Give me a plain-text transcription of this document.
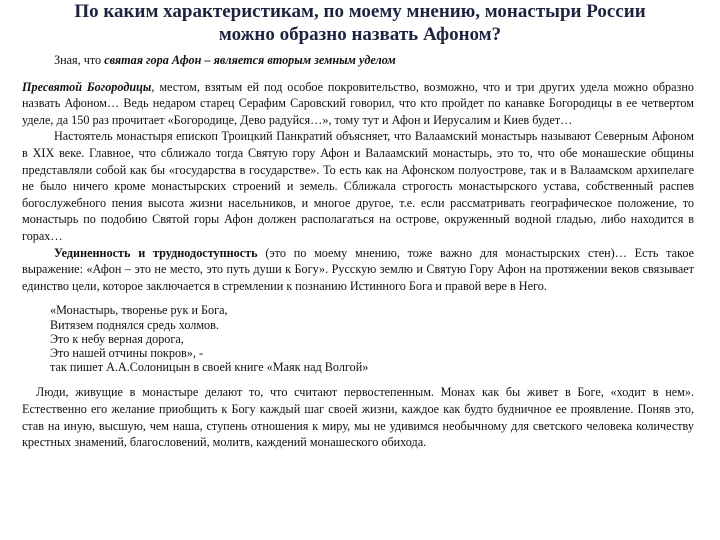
По каким характеристикам, по моему мнению, монастыри России
можно образно назвать Афоном?

Зная, что святая гора Афон – является вторым земным уделом
Пресвятой Богородицы, местом, взятым ей под особое покровительство, возможно, что и три других удела можно образно назвать Афоном… Ведь недаром старец Серафим Саровский говорил, что кто пройдет по канавке Богородицы в ее четвертом уделе, да 150 раз прочитает «Богородице, Дево радуйся…», тому тут и Афон и Иерусалим и Киев будет…

Настоятель монастыря епископ Троицкий Панкратий объясняет, что Валаамский монастырь называют Северным Афоном в XIX веке. Главное, что сближало тогда Святую гору Афон и Валаамский монастырь, это то, что обе монашеские общины представляли собой как бы «государства в государстве». То есть как на Афонском полуострове, так и в Валаамском архипелаге не было ничего кроме монастырских строений и земель. Сближала строгость монастырского устава, собственный распев богослужебного пения высота жизни насельников, и многое другое, т.е. если рассматривать географическое положение, то монастырь по подобию Святой горы Афон должен располагаться на острове, окруженный водной гладью, либо находится в горах…

Уединенность и труднодоступность (это по моему мнению, тоже важно для монастырских стен)… Есть такое выражение: «Афон – это не место, это путь души к Богу». Русскую землю и Святую Гору Афон на протяжении веков связывает единство цели, которое заключается в стремлении к познанию Истинного Бога и правой вере в Него.

«Монастырь, творенье рук и Бога,
Витязем поднялся средь холмов.
Это к небу верная дорога,
Это нашей отчины покров», -
так пишет А.А.Солоницын в своей книге «Маяк над Волгой»

Люди, живущие в монастыре делают то, что считают первостепенным. Монах как бы живет в Боге, «ходит в нем». Естественно его желание приобщить к Богу каждый шаг своей жизни, каждое как будто будничное ее проявление. Поняв это, став на иную, высшую, чем наша, ступень отношения к миру, мы не удивимся необычному для светского человека количеству крестных знамений, благословений, молитв, каждений монашеского обихода.
